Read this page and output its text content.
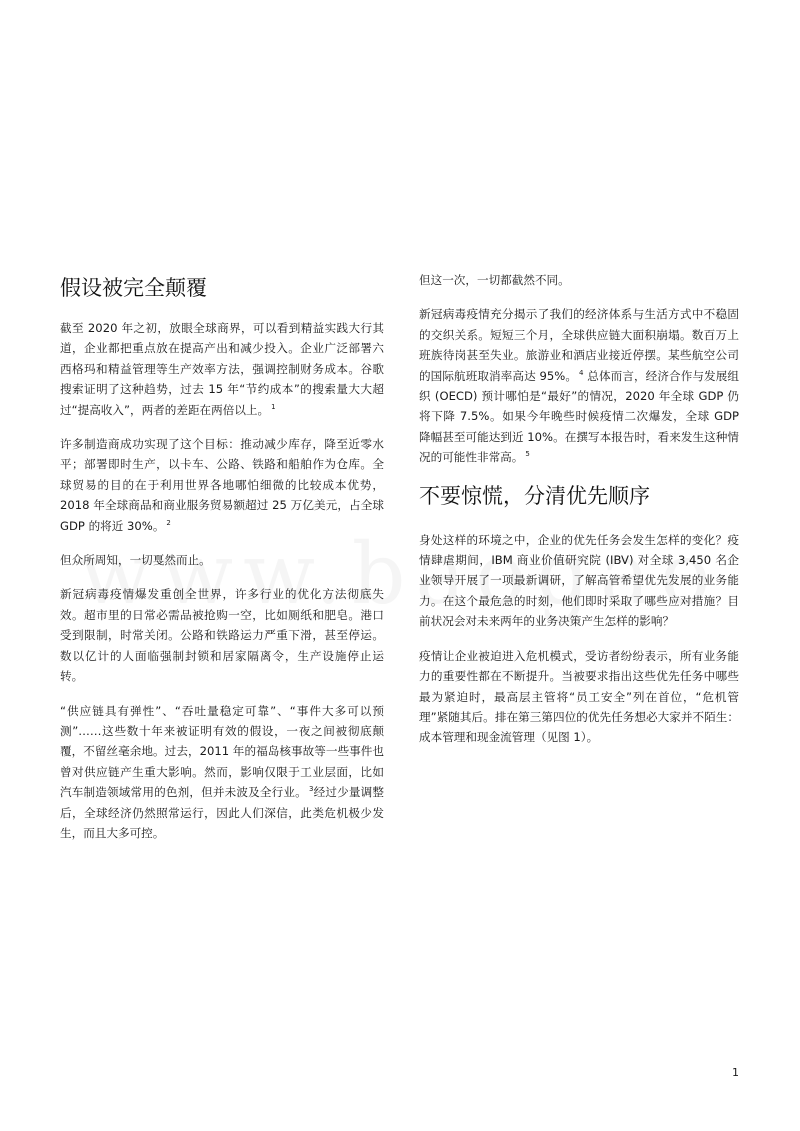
假设被完全颠覆

截至 2020 年之初，放眼全球商界，可以看到精益实践大行其道，企业都把重点放在提高产出和减少投入。企业广泛部署六西格玛和精益管理等生产效率方法，强调控制财务成本。谷歌搜索证明了这种趋势，过去 15 年“节约成本”的搜索量大大超过“提高收入”，两者的差距在两倍以上。 $^1$

许多制造商成功实现了这个目标：推动减少库存，降至近零水平；部署即时生产，以卡车、公路、铁路和船舶作为仓库。全球贸易的目的在于利用世界各地哪怕细微的比较成本优势，2018 年全球商品和商业服务贸易额超过 25 万亿美元，占全球 GDP 的将近 30%。 $^2$

但众所周知，一切戛然而止。

新冠病毒疫情爆发重创全世界，许多行业的优化方法彻底失效。超市里的日常必需品被抢购一空，比如厕纸和肥皂。港口受到限制，时常关闭。公路和铁路运力严重下滑，甚至停运。数以亿计的人面临强制封锁和居家隔离令，生产设施停止运转。

“供应链具有弹性”、“吞吐量稳定可靠”、“事件大多可以预测”……这些数十年来被证明有效的假设，一夜之间被彻底颠覆，不留丝毫余地。过去，2011 年的福岛核事故等一些事件也曾对供应链产生重大影响。然而，影响仅限于工业层面，比如汽车制造领域常用的色剂，但并未波及全行业。 $^3$经过少量调整后，全球经济仍然照常运行，因此人们深信，此类危机极少发生，而且大多可控。

但这一次，一切都截然不同。

新冠病毒疫情充分揭示了我们的经济体系与生活方式中不稳固的交织关系。短短三个月，全球供应链大面积崩塌。数百万上班族待岗甚至失业。旅游业和酒店业接近停摆。某些航空公司的国际航班取消率高达 95%。 $^4$ 总体而言，经济合作与发展组织 (OECD) 预计哪怕是“最好”的情况，2020 年全球 GDP 仍将下降 7.5%。如果今年晚些时候疫情二次爆发，全球 GDP 降幅甚至可能达到近 10%。在撰写本报告时，看来发生这种情况的可能性非常高。 $^5$

不要惊慌，分清优先顺序

身处这样的环境之中，企业的优先任务会发生怎样的变化？疫情肆虐期间，IBM 商业价值研究院 (IBV) 对全球 3,450 名企业领导开展了一项最新调研，了解高管希望优先发展的业务能力。在这个最危急的时刻，他们即时采取了哪些应对措施？目前状况会对未来两年的业务决策产生怎样的影响？

疫情让企业被迫进入危机模式，受访者纷纷表示，所有业务能力的重要性都在不断提升。当被要求指出这些优先任务中哪些最为紧迫时，最高层主管将“员工安全”列在首位，“危机管理”紧随其后。排在第三第四位的优先任务想必大家并不陌生：成本管理和现金流管理（见图 1）。

1
